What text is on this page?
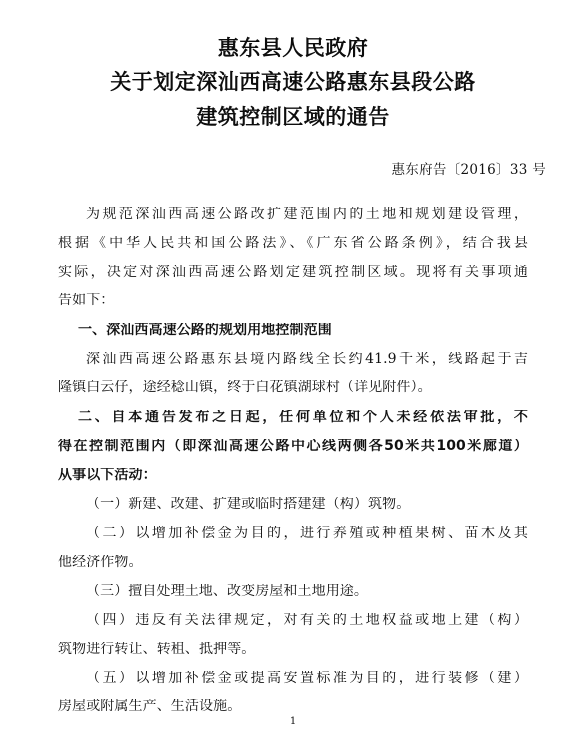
惠东县人民政府
关于划定深汕西高速公路惠东县段公路
建筑控制区域的通告
惠东府告〔2016〕33 号
为规范深汕西高速公路改扩建范围内的土地和规划建设管理，
根据《中华人民共和国公路法》、《广东省公路条例》，结合我县
实际，决定对深汕西高速公路划定建筑控制区域。现将有关事项通
告如下：
一、深汕西高速公路的规划用地控制范围
深汕西高速公路惠东县境内路线全长约41.9千米，线路起于吉
隆镇白云仔，途经稔山镇，终于白花镇湖球村（详见附件）。
二、自本通告发布之日起，任何单位和个人未经依法审批，不
得在控制范围内（即深汕高速公路中心线两侧各50米共100米廊道）
从事以下活动：
（一）新建、改建、扩建或临时搭建建（构）筑物。
（二）以增加补偿金为目的，进行养殖或种植果树、苗木及其
他经济作物。
（三）擅自处理土地、改变房屋和土地用途。
（四）违反有关法律规定，对有关的土地权益或地上建（构）
筑物进行转让、转租、抵押等。
（五）以增加补偿金或提高安置标准为目的，进行装修（建）
房屋或附属生产、生活设施。
1
